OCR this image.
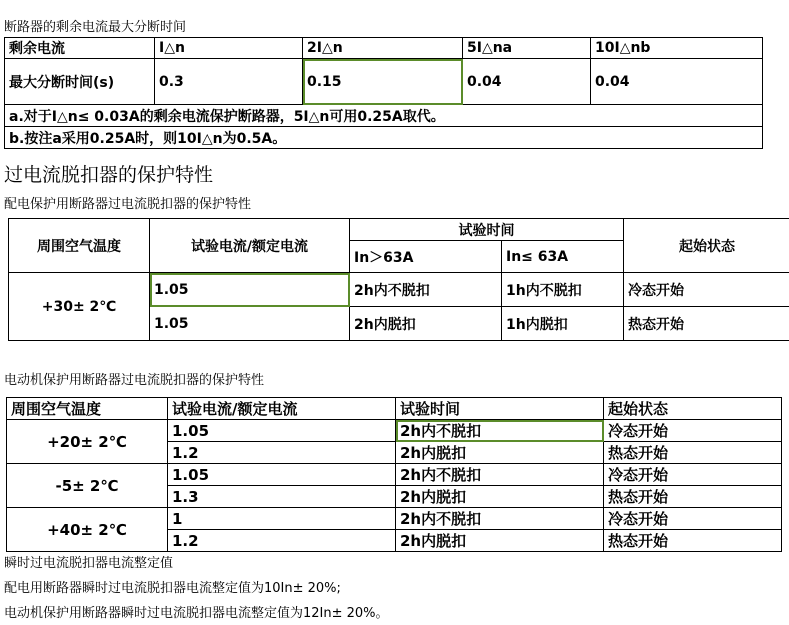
断路器的剩余电流最大分断时间
剩余电流	I△n	2I△n	5I△na	10I△nb
最大分断时间(s)	0.3	0.15	0.04	0.04
a.对于I△n≤ 0.03A的剩余电流保护断路器，5I△n可用0.25A取代。				
b.按注a采用0.25A时，则10I△n为0.5A。				
过电流脱扣器的保护特性
配电保护用断路器过电流脱扣器的保护特性
周围空气温度	试验电流/额定电流	试验时间		起始状态
		In＞63A	In≤ 63A	
+30± 2℃	1.05	2h内不脱扣	1h内不脱扣	冷态开始
	1.05	2h内脱扣	1h内脱扣	热态开始
电动机保护用断路器过电流脱扣器的保护特性
周围空气温度	试验电流/额定电流	试验时间	起始状态
+20± 2℃	1.05	2h内不脱扣	冷态开始
	1.2	2h内脱扣	热态开始
-5± 2℃	1.05	2h内不脱扣	冷态开始
	1.3	2h内脱扣	热态开始
+40± 2℃	1	2h内不脱扣	冷态开始
	1.2	2h内脱扣	热态开始
瞬时过电流脱扣器电流整定值
配电用断路器瞬时过电流脱扣器电流整定值为10In± 20%;
电动机保护用断路器瞬时过电流脱扣器电流整定值为12In± 20%。
